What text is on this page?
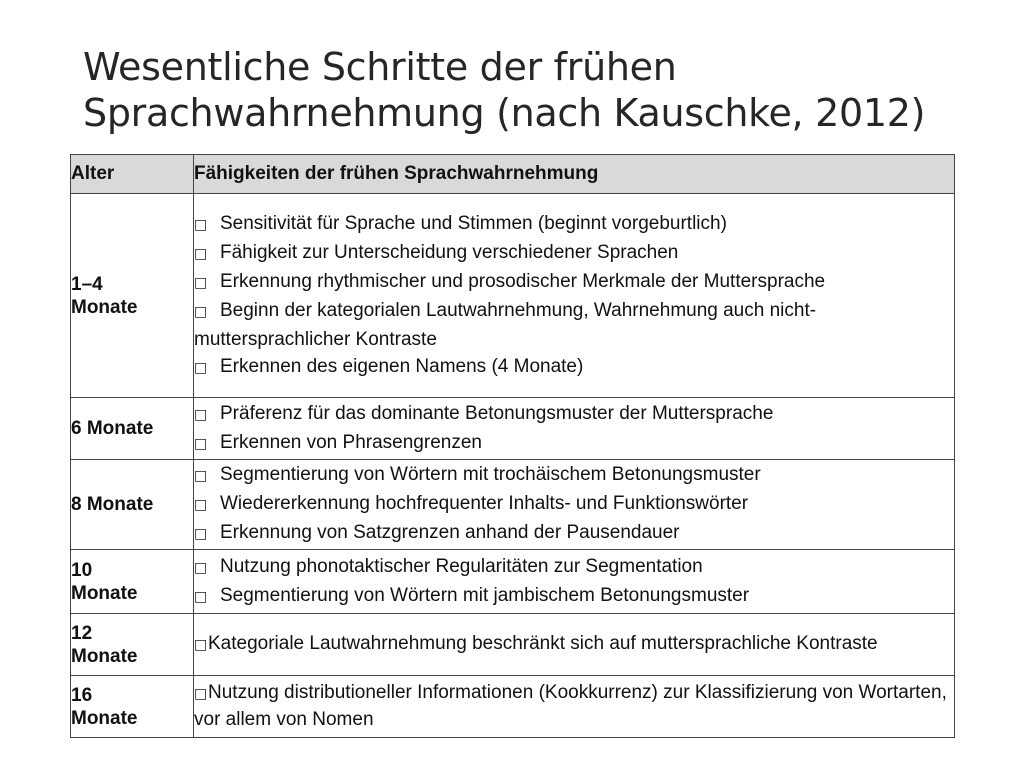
Wesentliche Schritte der frühen
Sprachwahrnehmung (nach Kauschke, 2012)
Alter	Fähigkeiten der frühen Sprachwahrnehmung

1–4
Monate	□ Sensitivität für Sprache und Stimmen (beginnt vorgeburtlich)
□ Fähigkeit zur Unterscheidung verschiedener Sprachen
□ Erkennung rhythmischer und prosodischer Merkmale der Muttersprache
□ Beginn der kategorialen Lautwahrnehmung, Wahrnehmung auch nicht-muttersprachlicher Kontraste
□ Erkennen des eigenen Namens (4 Monate)

6 Monate	□ Präferenz für das dominante Betonungsmuster der Muttersprache
□ Erkennen von Phrasengrenzen

8 Monate	□ Segmentierung von Wörtern mit trochäischem Betonungsmuster
□ Wiedererkennung hochfrequenter Inhalts- und Funktionswörter
□ Erkennung von Satzgrenzen anhand der Pausendauer

10
Monate	□ Nutzung phonotaktischer Regularitäten zur Segmentation
□ Segmentierung von Wörtern mit jambischem Betonungsmuster

12
Monate	□Kategoriale Lautwahrnehmung beschränkt sich auf muttersprachliche Kontraste

16
Monate	□Nutzung distributioneller Informationen (Kookkurrenz) zur Klassifizierung von Wortarten, vor allem von Nomen
